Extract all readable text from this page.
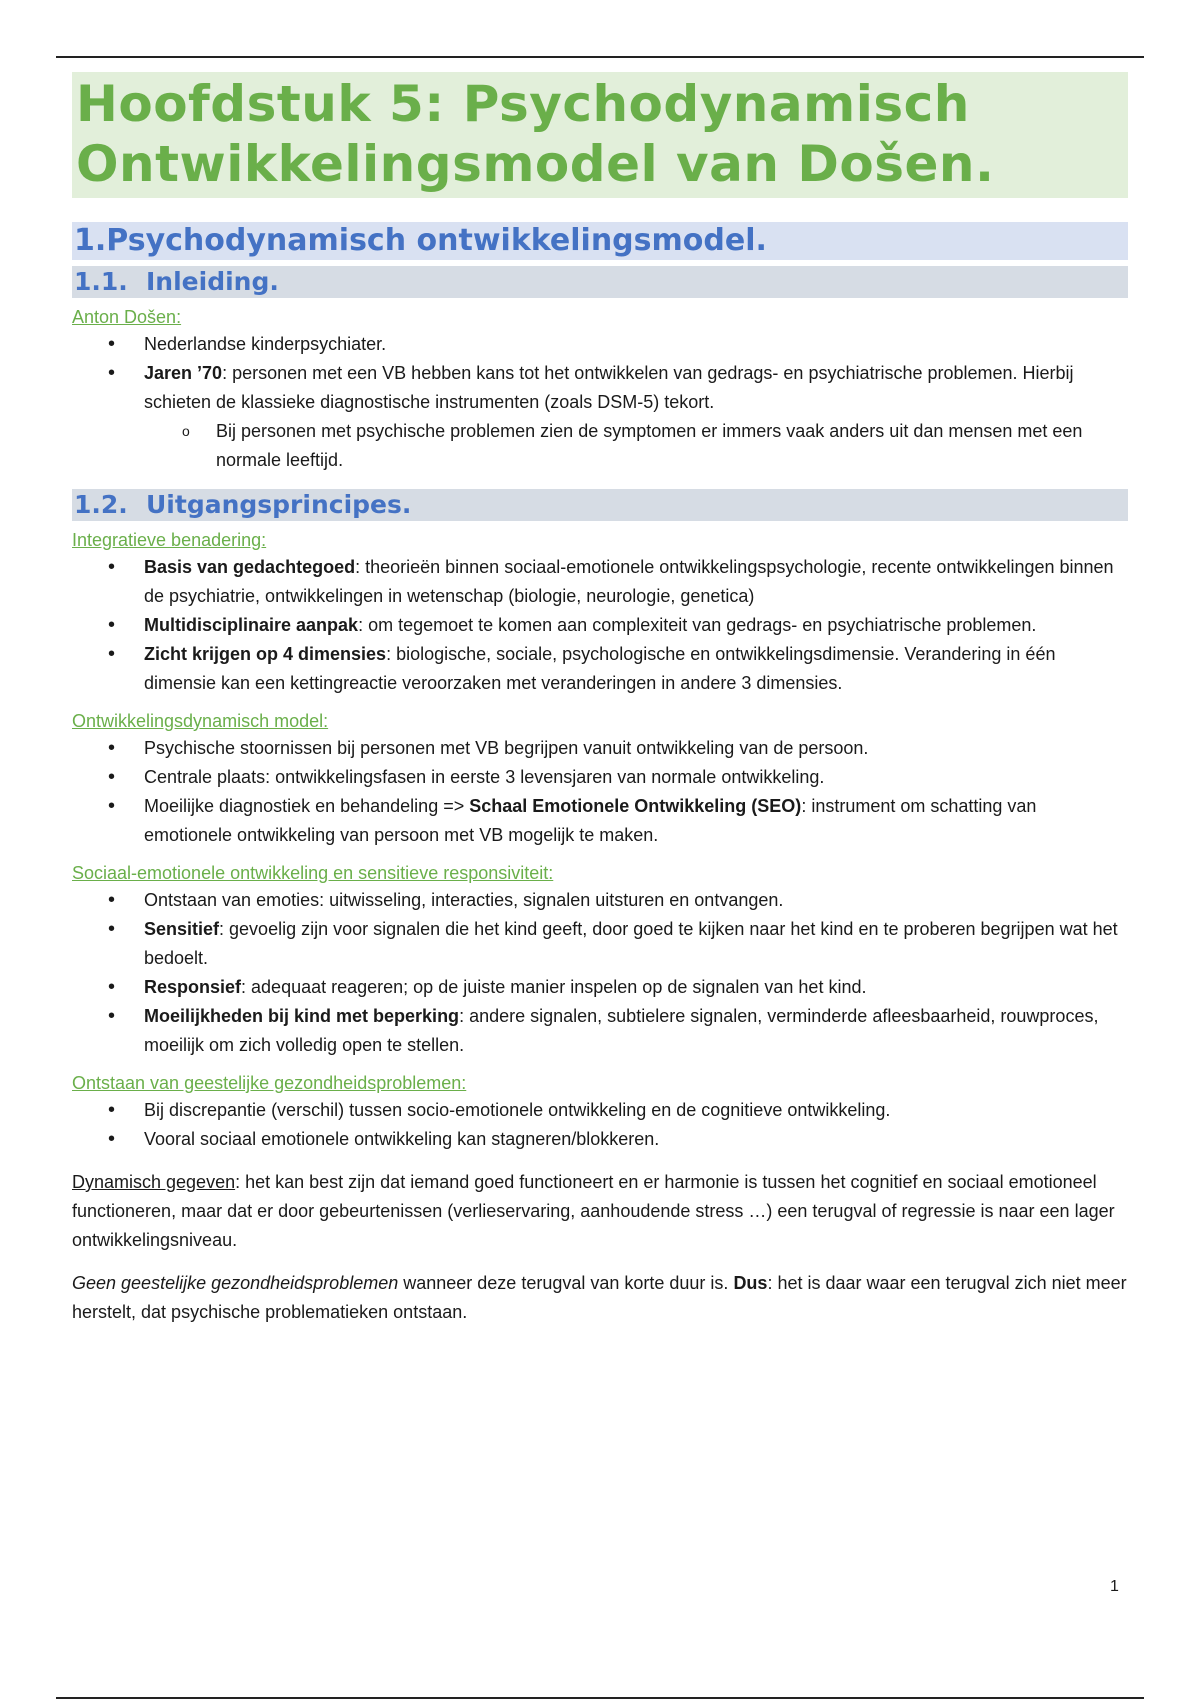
Hoofdstuk 5: Psychodynamisch
Ontwikkelingsmodel van Došen.
1.Psychodynamisch ontwikkelingsmodel.
1.1. Inleiding.

Anton Došen:

• Nederlandse kinderpsychiater.
• Jaren ’70: personen met een VB hebben kans tot het ontwikkelen van gedrags- en psychiatrische problemen. Hierbij schieten de klassieke diagnostische instrumenten (zoals DSM-5) tekort.
o Bij personen met psychische problemen zien de symptomen er immers vaak anders uit dan mensen met een normale leeftijd.
1.2. Uitgangsprincipes.

Integratieve benadering:

• Basis van gedachtegoed: theorieën binnen sociaal-emotionele ontwikkelingspsychologie, recente ontwikkelingen binnen de psychiatrie, ontwikkelingen in wetenschap (biologie, neurologie, genetica)
• Multidisciplinaire aanpak: om tegemoet te komen aan complexiteit van gedrags- en psychiatrische problemen.
• Zicht krijgen op 4 dimensies: biologische, sociale, psychologische en ontwikkelingsdimensie. Verandering in één dimensie kan een kettingreactie veroorzaken met veranderingen in andere 3 dimensies.

Ontwikkelingsdynamisch model:

• Psychische stoornissen bij personen met VB begrijpen vanuit ontwikkeling van de persoon.
• Centrale plaats: ontwikkelingsfasen in eerste 3 levensjaren van normale ontwikkeling.
• Moeilijke diagnostiek en behandeling => Schaal Emotionele Ontwikkeling (SEO): instrument om schatting van emotionele ontwikkeling van persoon met VB mogelijk te maken.

Sociaal-emotionele ontwikkeling en sensitieve responsiviteit:

• Ontstaan van emoties: uitwisseling, interacties, signalen uitsturen en ontvangen.
• Sensitief: gevoelig zijn voor signalen die het kind geeft, door goed te kijken naar het kind en te proberen begrijpen wat het bedoelt.
• Responsief: adequaat reageren; op de juiste manier inspelen op de signalen van het kind.
• Moeilijkheden bij kind met beperking: andere signalen, subtielere signalen, verminderde afleesbaarheid, rouwproces, moeilijk om zich volledig open te stellen.

Ontstaan van geestelijke gezondheidsproblemen:

• Bij discrepantie (verschil) tussen socio-emotionele ontwikkeling en de cognitieve ontwikkeling.
• Vooral sociaal emotionele ontwikkeling kan stagneren/blokkeren.

Dynamisch gegeven: het kan best zijn dat iemand goed functioneert en er harmonie is tussen het cognitief en sociaal emotioneel functioneren, maar dat er door gebeurtenissen (verlieservaring, aanhoudende stress …) een terugval of regressie is naar een lager ontwikkelingsniveau.

Geen geestelijke gezondheidsproblemen wanneer deze terugval van korte duur is. Dus: het is daar waar een terugval zich niet meer herstelt, dat psychische problematieken ontstaan.

1
